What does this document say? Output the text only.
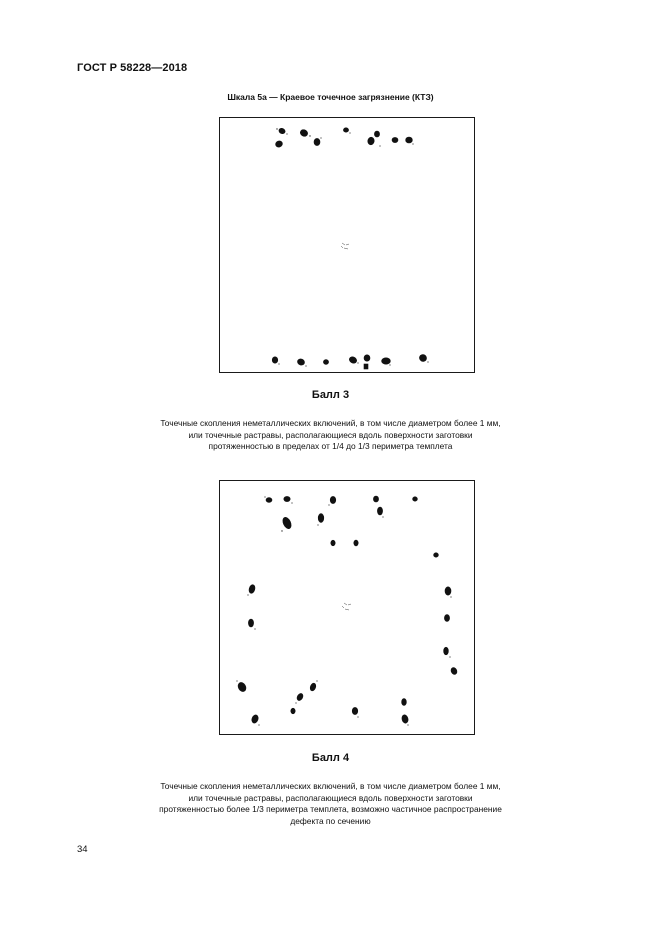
ГОСТ Р 58228—2018
Шкала 5а — Краевое точечное загрязнение (КТЗ)
Балл 3
Точечные скопления неметаллических включений, в том числе диаметром более 1 мм,
или точечные растравы, располагающиеся вдоль поверхности заготовки
протяженностью в пределах от 1/4 до 1/3 периметра темплета
Балл 4
Точечные скопления неметаллических включений, в том числе диаметром более 1 мм,
или точечные растравы, располагающиеся вдоль поверхности заготовки
протяженностью более 1/3 периметра темплета, возможно частичное распространение
дефекта по сечению
34
